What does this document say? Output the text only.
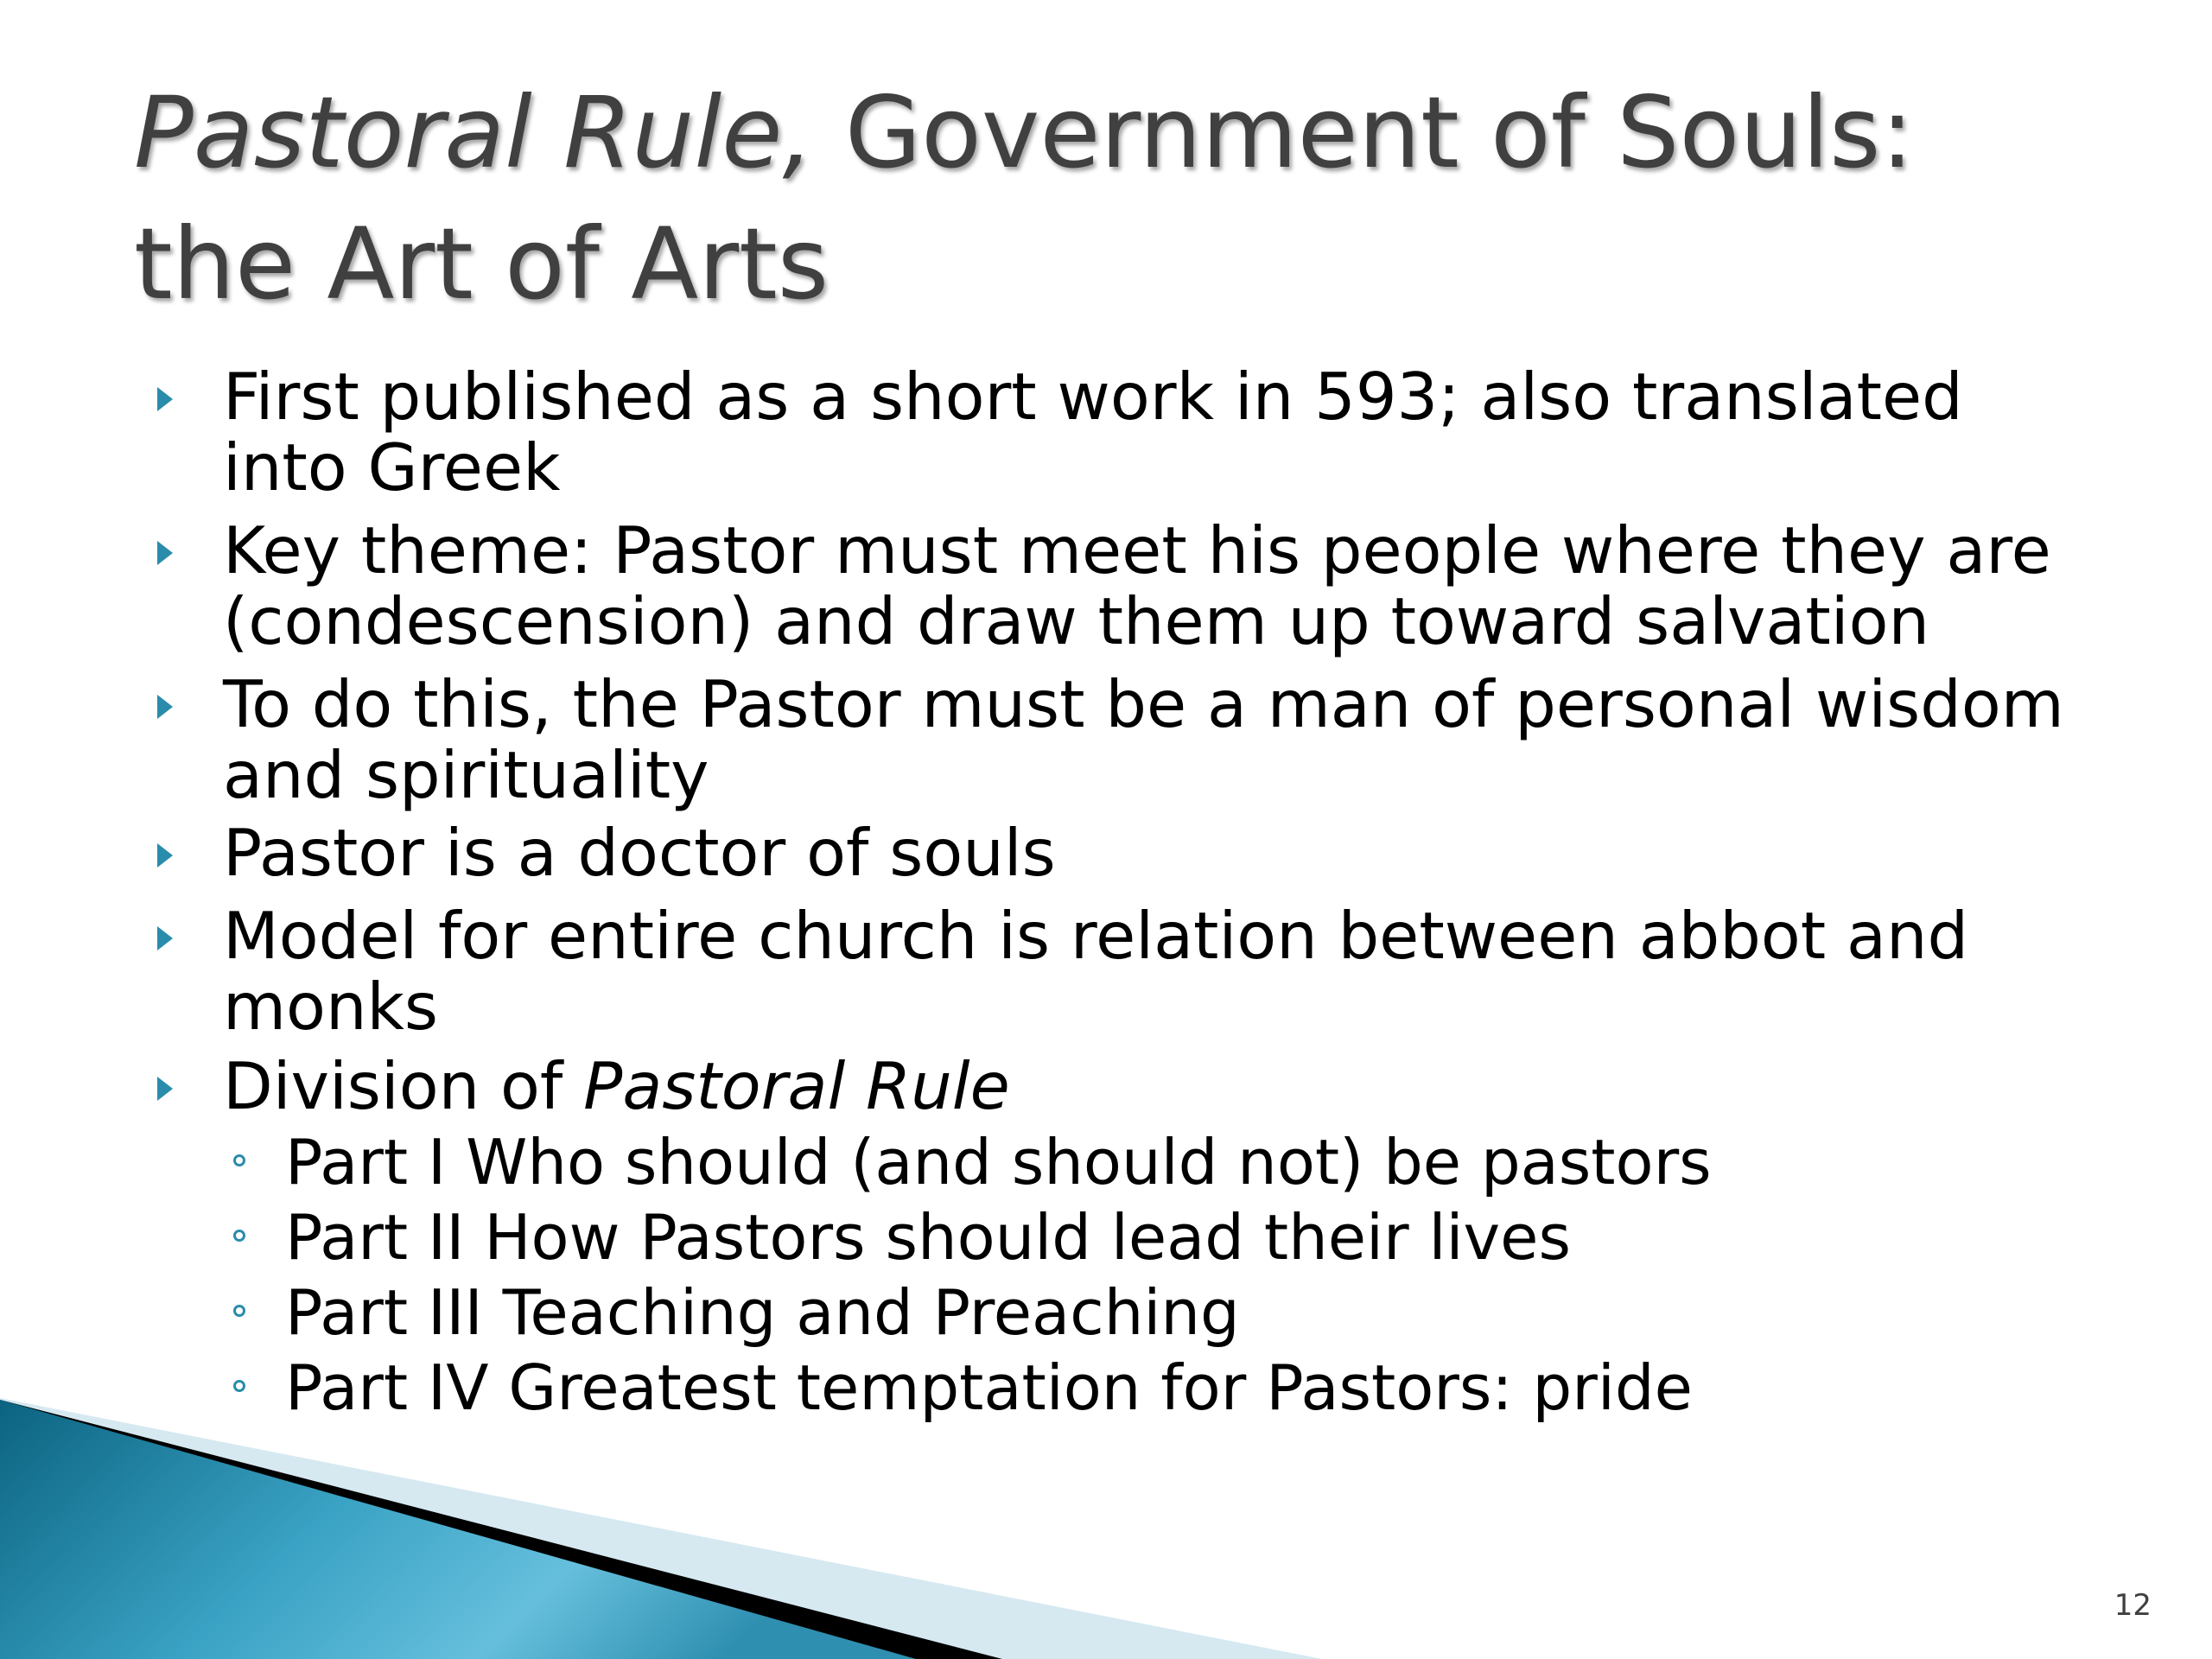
Pastoral Rule, Government of Souls: the Art of Arts
First published as a short work in 593; also translated into Greek
Key theme: Pastor must meet his people where they are (condescension) and draw them up toward salvation
To do this, the Pastor must be a man of personal wisdom and spirituality
Pastor is a doctor of souls
Model for entire church is relation between abbot and monks
Division of Pastoral Rule
Part I Who should (and should not) be pastors
Part II How Pastors should lead their lives
Part III Teaching and Preaching
Part IV Greatest temptation for Pastors: pride
12
